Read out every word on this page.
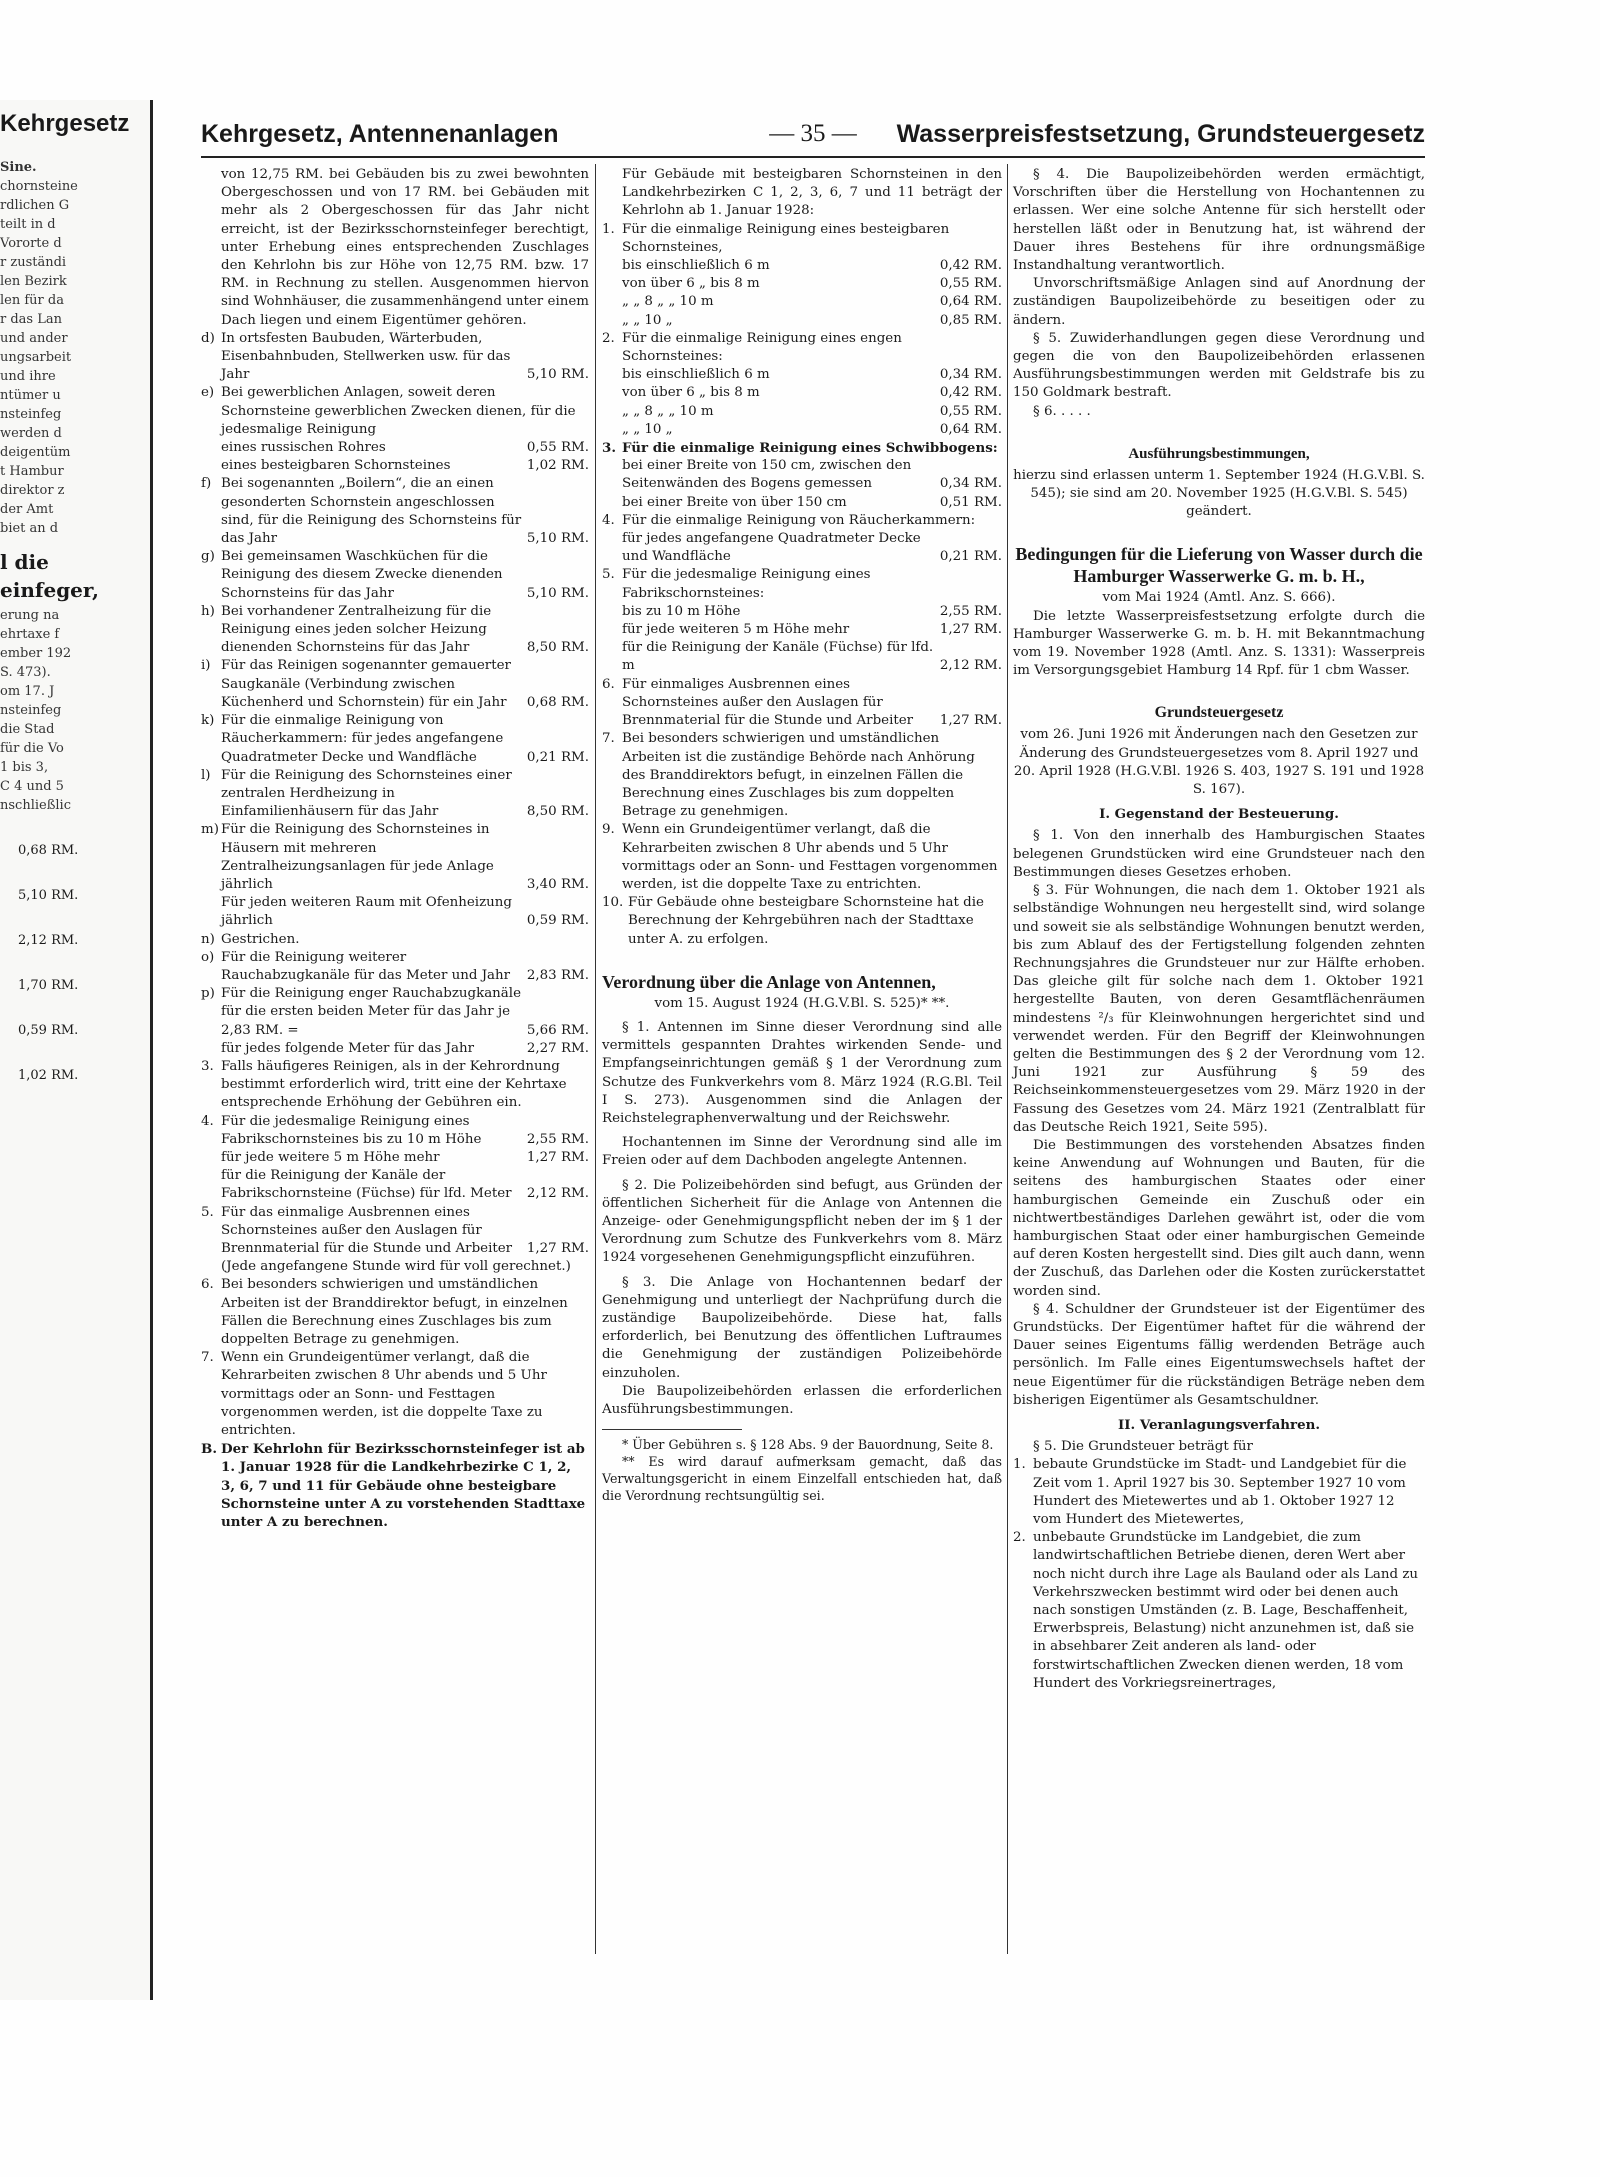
Kehrgesetz
Sine.
chornsteine
rdlichen G
teilt in d
Vororte d
r zuständi
len Bezirk
len für da
r das Lan
und ander
ungsarbeit
und ihre
ntümer u
nsteinfeg
werden d
deigentüm
t Hambur
direktor z
der Amt
biet an d
l die
einfeger,
erung na
ehrtaxe f
ember 192
S. 473).
om 17. J
nsteinfeg
die Stad
für die Vo
1 bis 3,
C 4 und 5
nschließlic
0,68 RM.
5,10 RM.
2,12 RM.
1,70 RM.
0,59 RM.
1,02 RM.
Kehrgesetz, Antennenanlagen	— 35 —	Wasserpreisfestsetzung, Grundsteuergesetz

von 12,75 RM. bei Gebäuden bis zu zwei bewohnten Obergeschossen und von 17 RM. bei Gebäuden mit mehr als 2 Obergeschossen für das Jahr nicht erreicht, ist der Bezirksschornsteinfeger berechtigt, unter Erhebung eines entsprechenden Zuschlages den Kehrlohn bis zur Höhe von 12,75 RM. bzw. 17 RM. in Rechnung zu stellen. Ausgenommen hiervon sind Wohnhäuser, die zusammenhängend unter einem Dach liegen und einem Eigentümer gehören.

d) In ortsfesten Baubuden, Wärterbuden, Eisenbahnbuden, Stellwerken usw. für das Jahr	5,10 RM.
e) Bei gewerblichen Anlagen, soweit deren Schornsteine gewerblichen Zwecken dienen, für die jedesmalige Reinigung
eines russischen Rohres	0,55 RM.
eines besteigbaren Schornsteines	1,02 RM.
f) Bei sogenannten „Boilern“, die an einen gesonderten Schornstein angeschlossen sind, für die Reinigung des Schornsteins für das Jahr	5,10 RM.
g) Bei gemeinsamen Waschküchen für die Reinigung des diesem Zwecke dienenden Schornsteins für das Jahr	5,10 RM.
h) Bei vorhandener Zentralheizung für die Reinigung eines jeden solcher Heizung dienenden Schornsteins für das Jahr	8,50 RM.
i) Für das Reinigen sogenannter gemauerter Saugkanäle (Verbindung zwischen Küchenherd und Schornstein) für ein Jahr	0,68 RM.
k) Für die einmalige Reinigung von Räucherkammern: für jedes angefangene Quadratmeter Decke und Wandfläche	0,21 RM.
l) Für die Reinigung des Schornsteines einer zentralen Herdheizung in Einfamilienhäusern für das Jahr	8,50 RM.
m) Für die Reinigung des Schornsteines in Häusern mit mehreren Zentralheizungsanlagen für jede Anlage jährlich	3,40 RM.
Für jeden weiteren Raum mit Ofenheizung jährlich	0,59 RM.
n) Gestrichen.
o) Für die Reinigung weiterer Rauchabzugkanäle für das Meter und Jahr	2,83 RM.
p) Für die Reinigung enger Rauchabzugkanäle für die ersten beiden Meter für das Jahr je 2,83 RM. =	5,66 RM.
für jedes folgende Meter für das Jahr	2,27 RM.
3. Falls häufigeres Reinigen, als in der Kehrordnung bestimmt erforderlich wird, tritt eine der Kehrtaxe entsprechende Erhöhung der Gebühren ein.
4. Für die jedesmalige Reinigung eines Fabrikschornsteines bis zu 10 m Höhe	2,55 RM.
für jede weitere 5 m Höhe mehr	1,27 RM.
für die Reinigung der Kanäle der Fabrikschornsteine (Füchse) für lfd. Meter	2,12 RM.
5. Für das einmalige Ausbrennen eines Schornsteines außer den Auslagen für Brennmaterial für die Stunde und Arbeiter	1,27 RM.

(Jede angefangene Stunde wird für voll gerechnet.)

6. Bei besonders schwierigen und umständlichen Arbeiten ist der Branddirektor befugt, in einzelnen Fällen die Berechnung eines Zuschlages bis zum doppelten Betrage zu genehmigen.
7. Wenn ein Grundeigentümer verlangt, daß die Kehrarbeiten zwischen 8 Uhr abends und 5 Uhr vormittags oder an Sonn- und Festtagen vorgenommen werden, ist die doppelte Taxe zu entrichten.
B. Der Kehrlohn für Bezirksschornsteinfeger ist ab 1. Januar 1928 für die Landkehrbezirke C 1, 2, 3, 6, 7 und 11 für Gebäude ohne besteigbare Schornsteine unter A zu vorstehenden Stadttaxe unter A zu berechnen.

Für Gebäude mit besteigbaren Schornsteinen in den Landkehrbezirken C 1, 2, 3, 6, 7 und 11 beträgt der Kehrlohn ab 1. Januar 1928:

1. Für die einmalige Reinigung eines besteigbaren Schornsteines,
bis einschließlich 6 m	0,42 RM.
von über 6 „ bis 8 m	0,55 RM.
„ „ 8 „ „ 10 m	0,64 RM.
„ „ 10 „	0,85 RM.
2. Für die einmalige Reinigung eines engen Schornsteines:
bis einschließlich 6 m	0,34 RM.
von über 6 „ bis 8 m	0,42 RM.
„ „ 8 „ „ 10 m	0,55 RM.
„ „ 10 „	0,64 RM.
3. Für die einmalige Reinigung eines Schwibbogens:
bei einer Breite von 150 cm, zwischen den Seitenwänden des Bogens gemessen	0,34 RM.
bei einer Breite von über 150 cm	0,51 RM.
4. Für die einmalige Reinigung von Räucherkammern:
für jedes angefangene Quadratmeter Decke und Wandfläche	0,21 RM.
5. Für die jedesmalige Reinigung eines Fabrikschornsteines:
bis zu 10 m Höhe	2,55 RM.
für jede weiteren 5 m Höhe mehr	1,27 RM.
für die Reinigung der Kanäle (Füchse) für lfd. m	2,12 RM.
6. Für einmaliges Ausbrennen eines Schornsteines außer den Auslagen für Brennmaterial für die Stunde und Arbeiter	1,27 RM.
7. Bei besonders schwierigen und umständlichen Arbeiten ist die zuständige Behörde nach Anhörung des Branddirektors befugt, in einzelnen Fällen die Berechnung eines Zuschlages bis zum doppelten Betrage zu genehmigen.
9. Wenn ein Grundeigentümer verlangt, daß die Kehrarbeiten zwischen 8 Uhr abends und 5 Uhr vormittags oder an Sonn- und Festtagen vorgenommen werden, ist die doppelte Taxe zu entrichten.
10. Für Gebäude ohne besteigbare Schornsteine hat die Berechnung der Kehrgebühren nach der Stadttaxe unter A. zu erfolgen.
Verordnung über die Anlage von Antennen,

vom 15. August 1924 (H.G.V.Bl. S. 525)* **.

§ 1. Antennen im Sinne dieser Verordnung sind alle vermittels gespannten Drahtes wirkenden Sende- und Empfangseinrichtungen gemäß § 1 der Verordnung zum Schutze des Funkverkehrs vom 8. März 1924 (R.G.Bl. Teil I S. 273). Ausgenommen sind die Anlagen der Reichstelegraphenverwaltung und der Reichswehr.

Hochantennen im Sinne der Verordnung sind alle im Freien oder auf dem Dachboden angelegte Antennen.

§ 2. Die Polizeibehörden sind befugt, aus Gründen der öffentlichen Sicherheit für die Anlage von Antennen die Anzeige- oder Genehmigungspflicht neben der im § 1 der Verordnung zum Schutze des Funkverkehrs vom 8. März 1924 vorgesehenen Genehmigungspflicht einzuführen.

§ 3. Die Anlage von Hochantennen bedarf der Genehmigung und unterliegt der Nachprüfung durch die zuständige Baupolizeibehörde. Diese hat, falls erforderlich, bei Benutzung des öffentlichen Luftraumes die Genehmigung der zuständigen Polizeibehörde einzuholen.

Die Baupolizeibehörden erlassen die erforderlichen Ausführungsbestimmungen.

* Über Gebühren s. § 128 Abs. 9 der Bauordnung, Seite 8.

** Es wird darauf aufmerksam gemacht, daß das Verwaltungsgericht in einem Einzelfall entschieden hat, daß die Verordnung rechtsungültig sei.

§ 4. Die Baupolizeibehörden werden ermächtigt, Vorschriften über die Herstellung von Hochantennen zu erlassen. Wer eine solche Antenne für sich herstellt oder herstellen läßt oder in Benutzung hat, ist während der Dauer ihres Bestehens für ihre ordnungsmäßige Instandhaltung verantwortlich.

Unvorschriftsmäßige Anlagen sind auf Anordnung der zuständigen Baupolizeibehörde zu beseitigen oder zu ändern.

§ 5. Zuwiderhandlungen gegen diese Verordnung und gegen die von den Baupolizeibehörden erlassenen Ausführungsbestimmungen werden mit Geldstrafe bis zu 150 Goldmark bestraft.

§ 6. . . . .

Ausführungsbestimmungen,

hierzu sind erlassen unterm 1. September 1924 (H.G.V.Bl. S. 545); sie sind am 20. November 1925 (H.G.V.Bl. S. 545) geändert.

Bedingungen für die Lieferung von Wasser durch die Hamburger Wasserwerke G. m. b. H.,

vom Mai 1924 (Amtl. Anz. S. 666).

Die letzte Wasserpreisfestsetzung erfolgte durch die Hamburger Wasserwerke G. m. b. H. mit Bekanntmachung vom 19. November 1928 (Amtl. Anz. S. 1331): Wasserpreis im Versorgungsgebiet Hamburg 14 Rpf. für 1 cbm Wasser.

Grundsteuergesetz

vom 26. Juni 1926 mit Änderungen nach den Gesetzen zur Änderung des Grundsteuergesetzes vom 8. April 1927 und 20. April 1928 (H.G.V.Bl. 1926 S. 403, 1927 S. 191 und 1928 S. 167).

I. Gegenstand der Besteuerung.

§ 1. Von den innerhalb des Hamburgischen Staates belegenen Grundstücken wird eine Grundsteuer nach den Bestimmungen dieses Gesetzes erhoben.

§ 3. Für Wohnungen, die nach dem 1. Oktober 1921 als selbständige Wohnungen neu hergestellt sind, wird solange und soweit sie als selbständige Wohnungen benutzt werden, bis zum Ablauf des der Fertigstellung folgenden zehnten Rechnungsjahres die Grundsteuer nur zur Hälfte erhoben. Das gleiche gilt für solche nach dem 1. Oktober 1921 hergestellte Bauten, von deren Gesamtflächenräumen mindestens ²/₃ für Kleinwohnungen hergerichtet sind und verwendet werden. Für den Begriff der Kleinwohnungen gelten die Bestimmungen des § 2 der Verordnung vom 12. Juni 1921 zur Ausführung § 59 des Reichseinkommensteuergesetzes vom 29. März 1920 in der Fassung des Gesetzes vom 24. März 1921 (Zentralblatt für das Deutsche Reich 1921, Seite 595).

Die Bestimmungen des vorstehenden Absatzes finden keine Anwendung auf Wohnungen und Bauten, für die seitens des hamburgischen Staates oder einer hamburgischen Gemeinde ein Zuschuß oder ein nichtwertbeständiges Darlehen gewährt ist, oder die vom hamburgischen Staat oder einer hamburgischen Gemeinde auf deren Kosten hergestellt sind. Dies gilt auch dann, wenn der Zuschuß, das Darlehen oder die Kosten zurückerstattet worden sind.

§ 4. Schuldner der Grundsteuer ist der Eigentümer des Grundstücks. Der Eigentümer haftet für die während der Dauer seines Eigentums fällig werdenden Beträge auch persönlich. Im Falle eines Eigentumswechsels haftet der neue Eigentümer für die rückständigen Beträge neben dem bisherigen Eigentümer als Gesamtschuldner.

II. Veranlagungsverfahren.

§ 5. Die Grundsteuer beträgt für

1. bebaute Grundstücke im Stadt- und Landgebiet für die Zeit vom 1. April 1927 bis 30. September 1927 10 vom Hundert des Mietewertes und ab 1. Oktober 1927 12 vom Hundert des Mietewertes,
2. unbebaute Grundstücke im Landgebiet, die zum landwirtschaftlichen Betriebe dienen, deren Wert aber noch nicht durch ihre Lage als Bauland oder als Land zu Verkehrszwecken bestimmt wird oder bei denen auch nach sonstigen Umständen (z. B. Lage, Beschaffenheit, Erwerbspreis, Belastung) nicht anzunehmen ist, daß sie in absehbarer Zeit anderen als land- oder forstwirtschaftlichen Zwecken dienen werden, 18 vom Hundert des Vorkriegsreinertrages,
